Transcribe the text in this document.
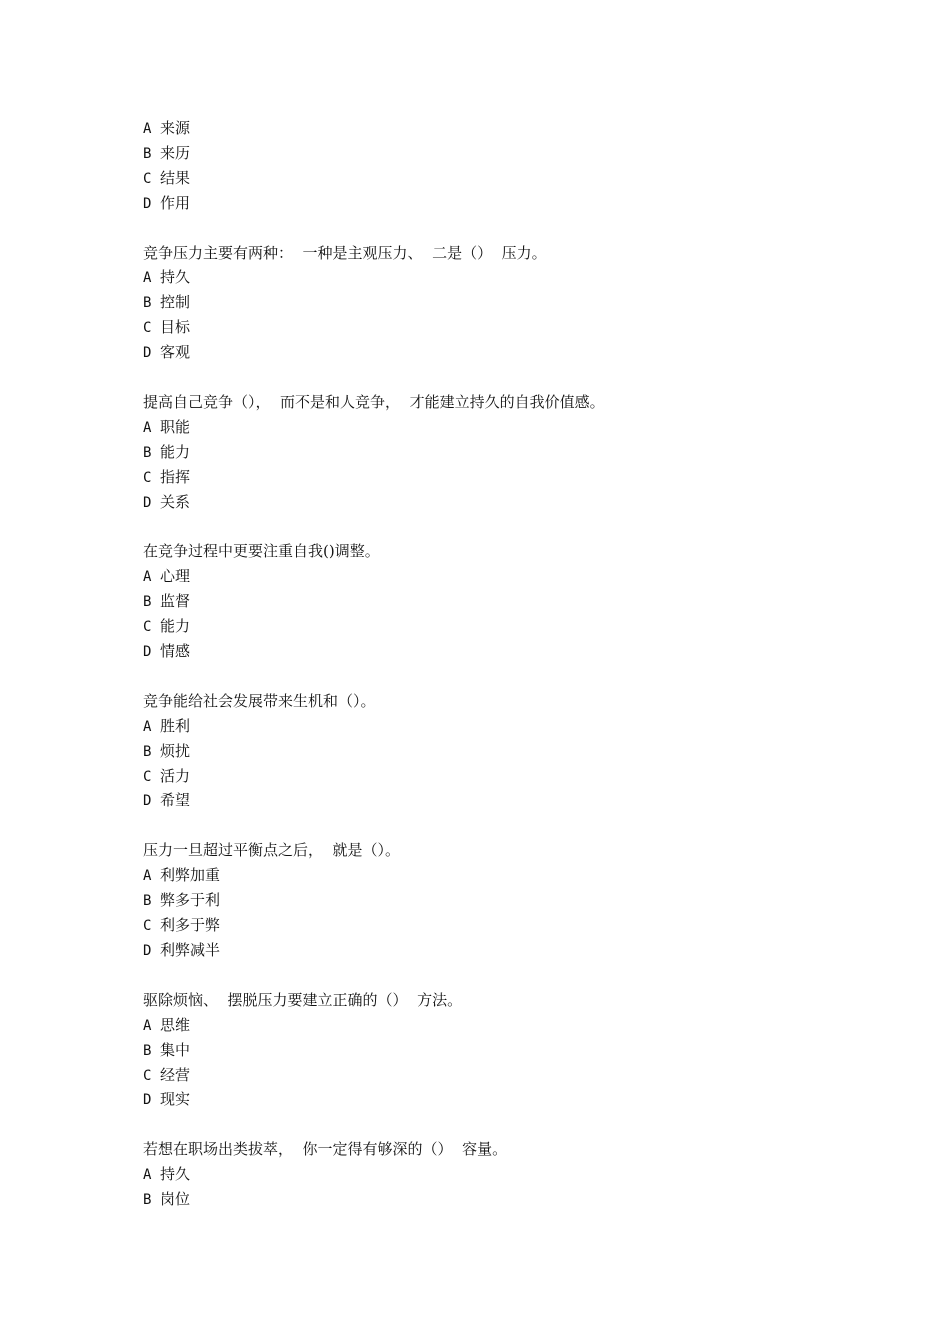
A 来源
B 来历
C 结果
D 作用
竞争压力主要有两种：  一种是主观压力、  二是（）  压力。
A 持久
B 控制
C 目标
D 客观
提高自己竞争（），  而不是和人竞争，  才能建立持久的自我价值感。
A 职能
B 能力
C 指挥
D 关系
在竞争过程中更要注重自我()调整。
A 心理
B 监督
C 能力
D 情感
竞争能给社会发展带来生机和（）。
A 胜利
B 烦扰
C 活力
D 希望
压力一旦超过平衡点之后，  就是（）。
A 利弊加重
B 弊多于利
C 利多于弊
D 利弊减半
驱除烦恼、  摆脱压力要建立正确的（）  方法。
A 思维
B 集中
C 经营
D 现实
若想在职场出类拔萃，  你一定得有够深的（）  容量。
A 持久
B 岗位
